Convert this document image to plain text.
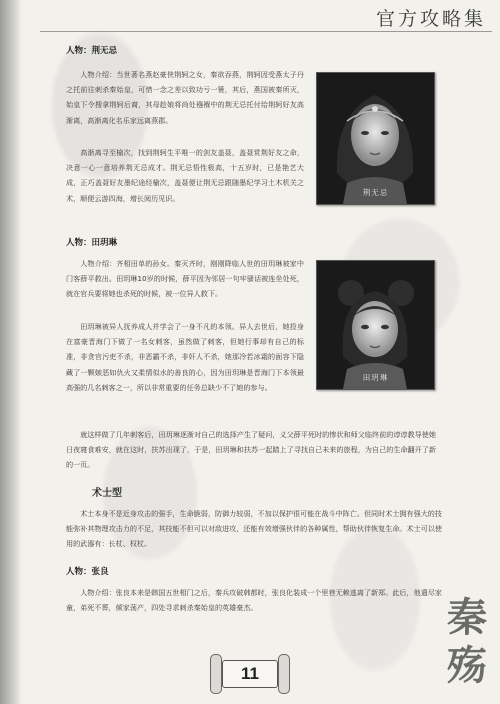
官方攻略集
人物：荆无忌

人物介绍：当世著名燕赵豪侠荆轲之女，秦欲吞燕，荆轲因受燕太子丹之托前往刺杀秦始皇，可惜一念之差以致功亏一篑，其后，燕国被秦所灭，始皇下令搜拿荆轲后裔，其母趁娘将尚处襁褓中的荆无忌托付给荆轲好友高渐离，高渐离化名乐家远离燕郡。

高渐离寻至榆次，找到荆轲生平唯一的剑友盖聂，盖聂赏荆好友之命，决意一心一意培养荆无忌成才。荆无忌悟性极高，十五岁时，已是艳艺大成，正巧盖聂好友墨纪途经榆次，盖聂便让荆无忌跟随墨纪学习土木机关之术，顺便云游四海，增长阅历见识。

荆无忌
人物：田玥琳

人物介绍：齐相田单的孙女。秦灭齐时，刚刚降临人世的田玥琳被家中门客薛平救出。田玥琳10岁的时候，薛平因为邻居一句牢骚话被连坐处死，就在官兵要将她也杀死的时候，被一位异人救下。

田玥琳被异人抚养成人并学会了一身不凡的本领。异人去世后，她投身在富豪晋海门下做了一名女刺客，虽然做了刺客，但她行事却有自己的标准，非贪官污吏不杀，非恶霸不杀，非奸人不杀，她那冷若冰霜的面容下隐藏了一颗嫉恶如仇火又柔情似水的善良的心，因为田玥琳是晋海门下本领最高强的几名刺客之一，所以非常重要的任务总缺少不了她的参与。

田玥琳

就这样做了几年刺客后，田玥琳逐渐对自己的选择产生了疑问，义父薛平死时的惨状和师父临终前的谆谆教导使她日夜寝食难安，就在这时，扶苏出现了，于是，田玥琳和扶苏一起踏上了寻找自己未来的旅程，为自己的生命翻开了新的一页。

术士型

术士本身不是近身攻击的强手，生命脆弱，防御力较弱，不加以保护很可能在战斗中阵亡。但同时术士拥有强大的技能弥补其物理攻击力的不足，其技能不但可以对敌进攻，还能有效增强伙伴的各种属性，帮助伙伴恢复生命。术士可以使用的武器有：长杖、权杖。

人物：张良

人物介绍：张良本来是韩国五世相门之后，秦兵攻破韩都时，张良化装成一个里巷无赖逃离了新郑。此后，他遣尽家童，弟死不葬，倾家荡产，四处寻求刺杀秦始皇的英雄豪杰。

11
秦殇
